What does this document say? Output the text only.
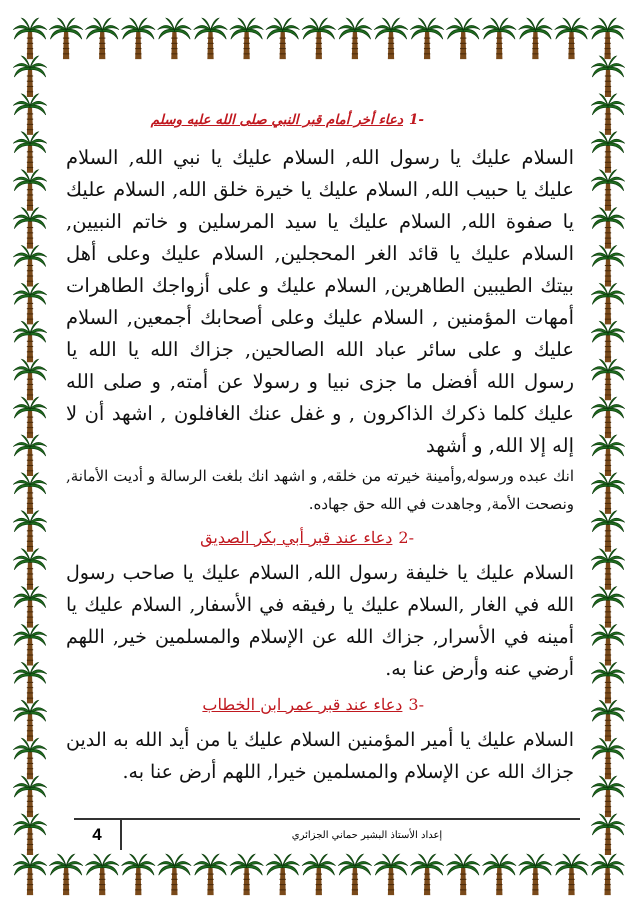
-1
دعاء أخر أمام قبر النبي صلى الله عليه وسلم

السلام عليك يا رسول الله, السلام عليك يا نبي الله, السلام عليك يا حبيب الله, السلام عليك يا خيرة خلق الله, السلام عليك يا صفوة الله, السلام عليك يا سيد المرسلين و خاتم النبيين, السلام عليك يا قائد الغر المحجلين, السلام عليك وعلى أهل بيتك الطيبين الطاهرين, السلام عليك و على أزواجك الطاهرات أمهات المؤمنين , السلام عليك وعلى أصحابك أجمعين, السلام عليك و على سائر عباد الله الصالحين, جزاك الله يا الله يا رسول الله أفضل ما جزى نبيا و رسولا عن أمته, و صلى الله عليك كلما ذكرك الذاكرون , و غفل عنك الغافلون , اشهد أن لا إله إلا الله, و أشهد
انك عبده ورسوله,وأمينة خيرته من خلقه, و اشهد انك بلغت الرسالة و أديت الأمانة, ونصحت الأمة, وجاهدت في الله حق جهاده.

-2
دعاء عند قبر أبي بكر الصديق

السلام عليك يا خليفة رسول الله, السلام عليك يا صاحب رسول الله في الغار ,السلام عليك يا رفيقه في الأسفار, السلام عليك يا أمينه في الأسرار, جزاك الله عن الإسلام والمسلمين خير, اللهم أرضي عنه وأرض عنا به.

-3
دعاء عند قبر عمر ابن الخطاب

السلام عليك يا أمير المؤمنين السلام عليك يا من أيد الله به الدين جزاك الله عن الإسلام والمسلمين خيرا, اللهم أرض عنا به.

إعداد الأستاذ البشير حماني الجزائري
4
